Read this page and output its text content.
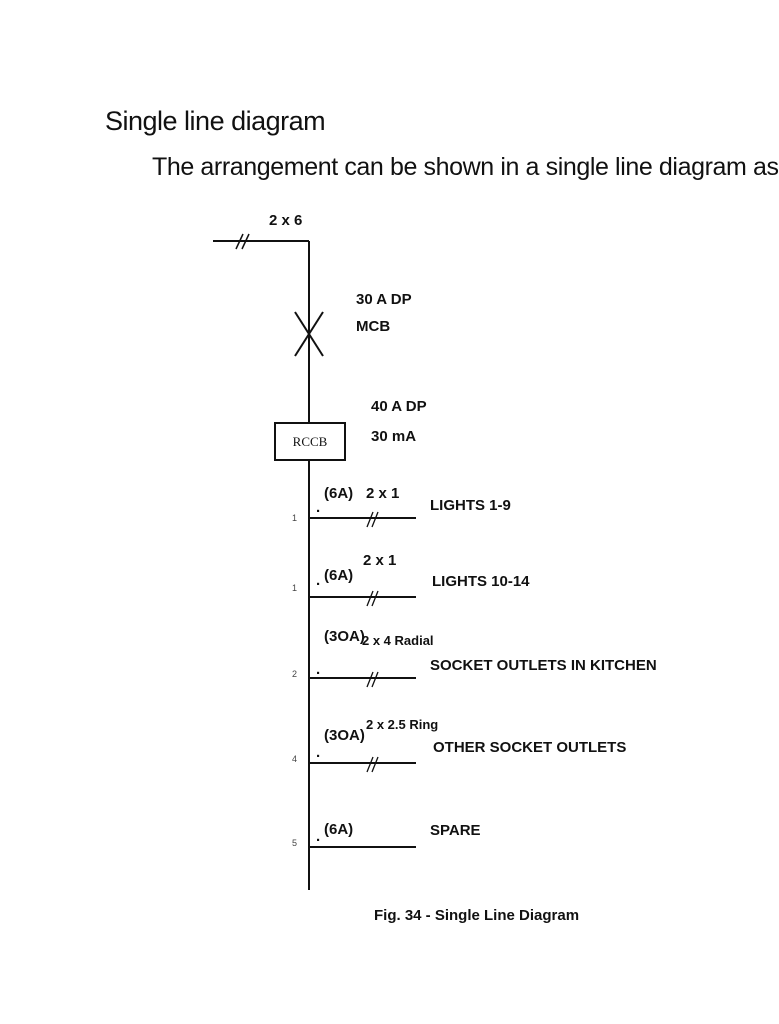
Single line diagram
The arrangement can be shown in a single line diagram as
2 x 6
30 A DP
MCB
RCCB
40 A DP
30 mA
1
.
(6A) 2 x 1
LIGHTS 1-9
1 . (6A)
2 x 1
LIGHTS 10-14
2 .
(3OA)
2 x 4 Radial
SOCKET OUTLETS IN KITCHEN
4 .
(3OA)
2 x 2.5 Ring
OTHER SOCKET OUTLETS
5 . (6A)	SPARE
Fig. 34 - Single Line Diagram
